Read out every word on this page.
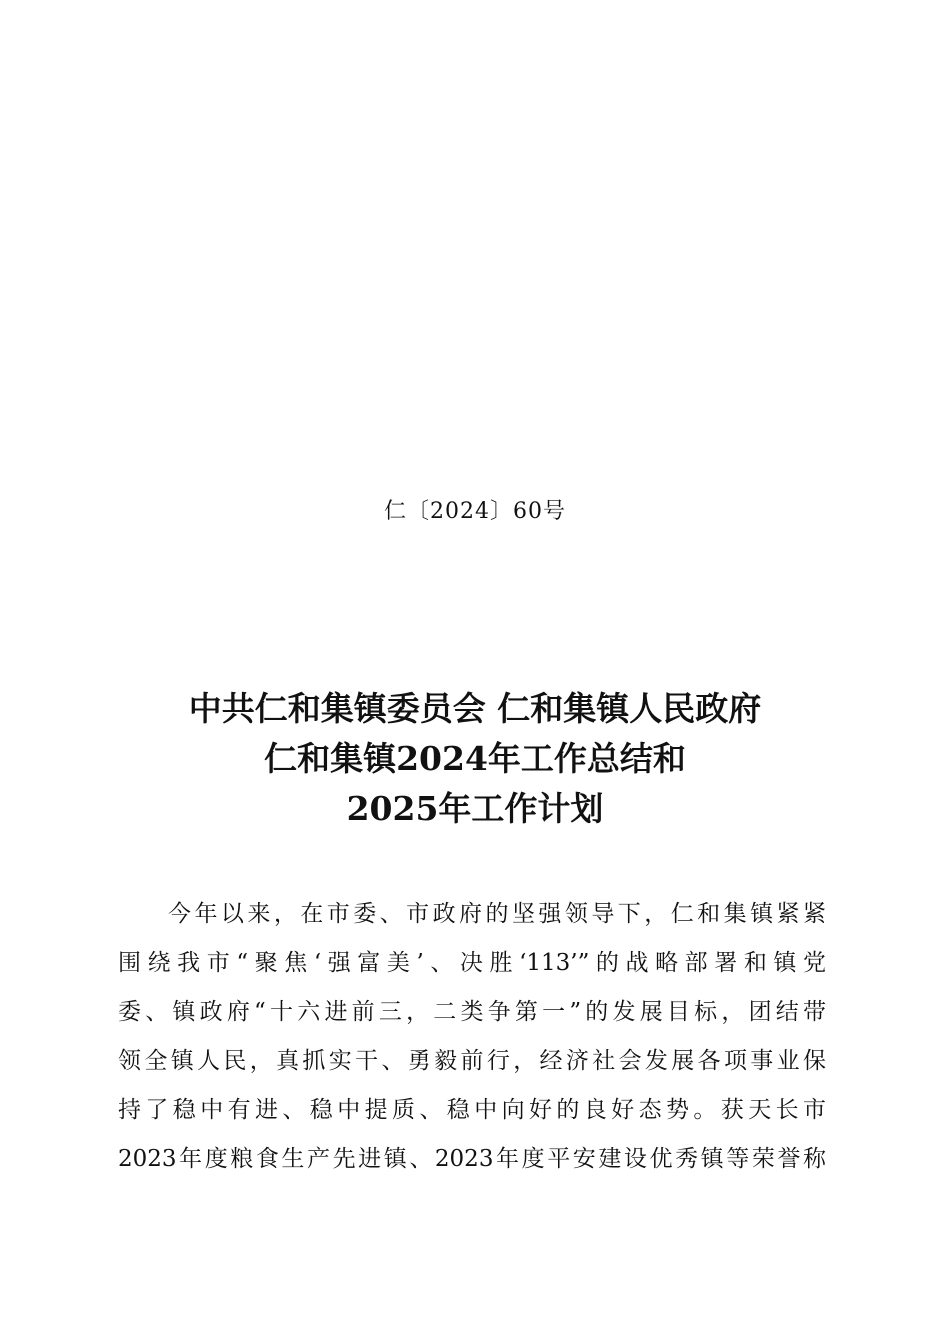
仁〔2024〕60号
中共仁和集镇委员会 仁和集镇人民政府
仁和集镇2024年工作总结和
2025年工作计划
今年以来，在市委、市政府的坚强领导下，仁和集镇紧紧
围绕我市“聚焦‘强富美’、决胜‘113’”的战略部署和镇党
委、镇政府“十六进前三，二类争第一”的发展目标，团结带
领全镇人民，真抓实干、勇毅前行，经济社会发展各项事业保
持了稳中有进、稳中提质、稳中向好的良好态势。获天长市
2023年度粮食生产先进镇、2023年度平安建设优秀镇等荣誉称
